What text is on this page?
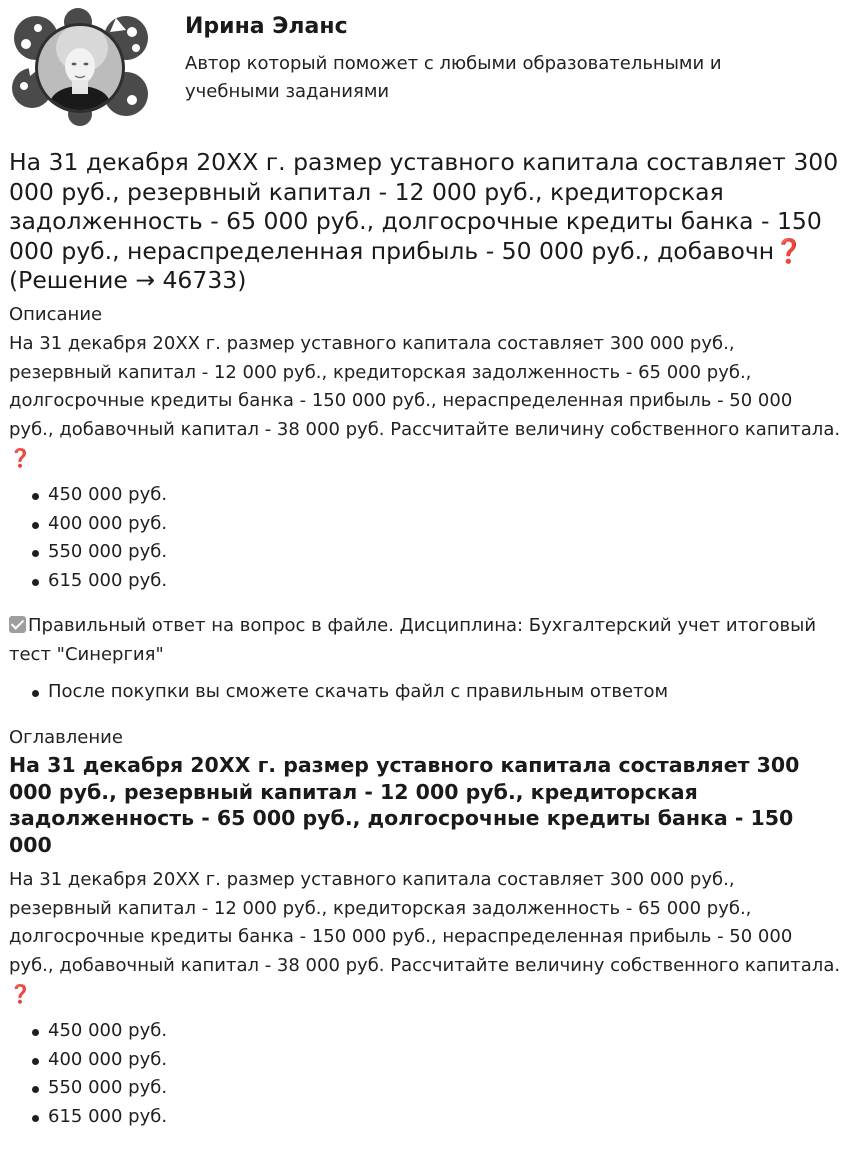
Ирина Эланс
Автор который поможет с любыми образовательными и учебными заданиями
На 31 декабря 20XX г. размер уставного капитала составляет 300 000 руб., резервный капитал - 12 000 руб., кредиторская задолженность - 65 000 руб., долгосрочные кредиты банка - 150 000 руб., нераспределенная прибыль - 50 000 руб., добавочн❓
(Решение → 46733)
Описание
На 31 декабря 20XX г. размер уставного капитала составляет 300 000 руб., резервный капитал - 12 000 руб., кредиторская задолженность - 65 000 руб., долгосрочные кредиты банка - 150 000 руб., нераспределенная прибыль - 50 000 руб., добавочный капитал - 38 000 руб. Рассчитайте величину собственного капитала.❓
450 000 руб.
400 000 руб.
550 000 руб.
615 000 руб.
Правильный ответ на вопрос в файле. Дисциплина: Бухгалтерский учет итоговый тест "Синергия"
После покупки вы сможете скачать файл с правильным ответом
Оглавление
На 31 декабря 20XX г. размер уставного капитала составляет 300 000 руб., резервный капитал - 12 000 руб., кредиторская задолженность - 65 000 руб., долгосрочные кредиты банка - 150 000
На 31 декабря 20XX г. размер уставного капитала составляет 300 000 руб., резервный капитал - 12 000 руб., кредиторская задолженность - 65 000 руб., долгосрочные кредиты банка - 150 000 руб., нераспределенная прибыль - 50 000 руб., добавочный капитал - 38 000 руб. Рассчитайте величину собственного капитала.❓
450 000 руб.
400 000 руб.
550 000 руб.
615 000 руб.
